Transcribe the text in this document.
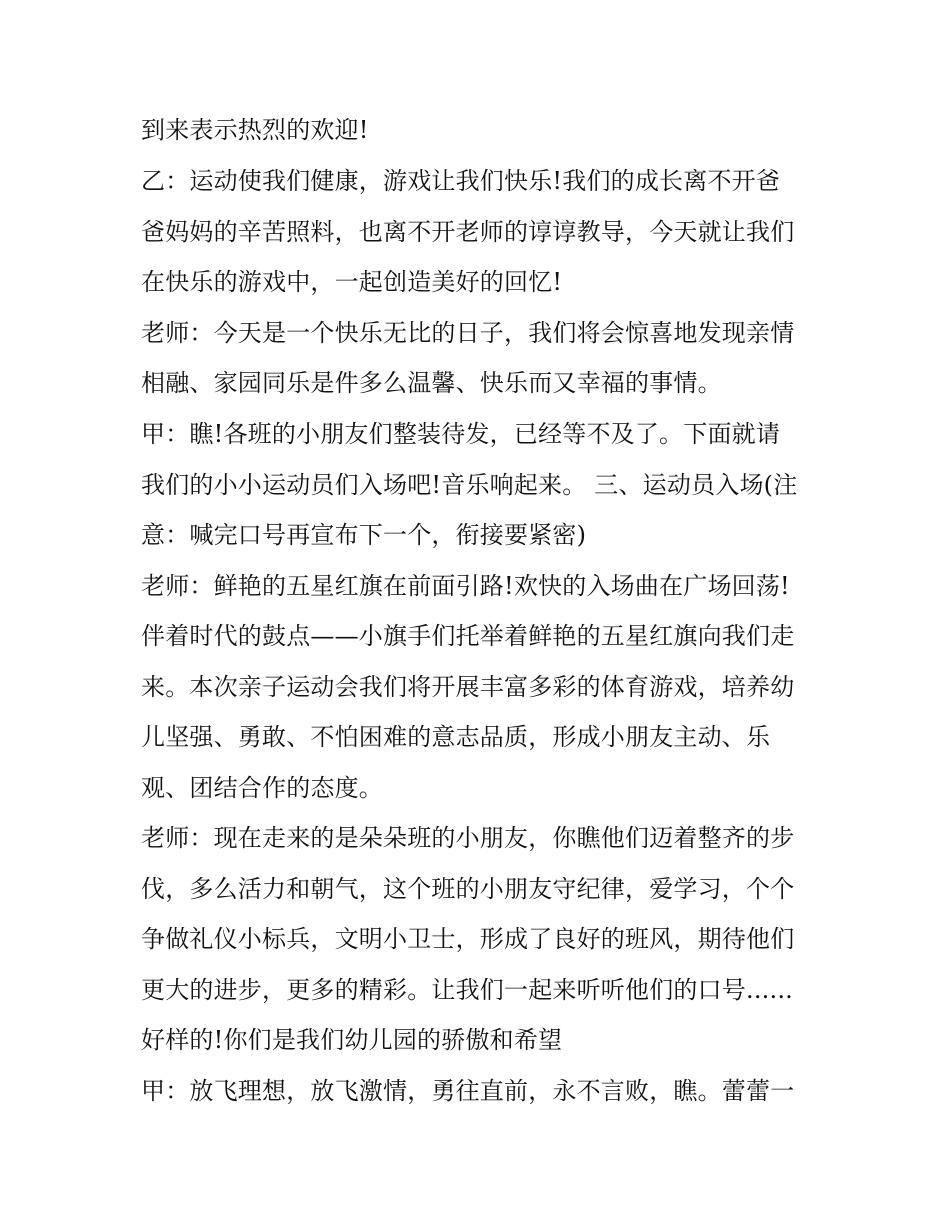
到来表示热烈的欢迎!
乙：运动使我们健康，游戏让我们快乐!我们的成长离不开爸
爸妈妈的辛苦照料，也离不开老师的谆谆教导，今天就让我们
在快乐的游戏中，一起创造美好的回忆!
老师：今天是一个快乐无比的日子，我们将会惊喜地发现亲情
相融、家园同乐是件多么温馨、快乐而又幸福的事情。
甲：瞧!各班的小朋友们整装待发，已经等不及了。下面就请
我们的小小运动员们入场吧!音乐响起来。 三、运动员入场(注
意：喊完口号再宣布下一个，衔接要紧密)
老师：鲜艳的五星红旗在前面引路!欢快的入场曲在广场回荡!
伴着时代的鼓点——小旗手们托举着鲜艳的五星红旗向我们走
来。本次亲子运动会我们将开展丰富多彩的体育游戏，培养幼
儿坚强、勇敢、不怕困难的意志品质，形成小朋友主动、乐
观、团结合作的态度。
老师：现在走来的是朵朵班的小朋友，你瞧他们迈着整齐的步
伐，多么活力和朝气，这个班的小朋友守纪律，爱学习，个个
争做礼仪小标兵，文明小卫士，形成了良好的班风，期待他们
更大的进步，更多的精彩。让我们一起来听听他们的口号......
好样的!你们是我们幼儿园的骄傲和希望
甲：放飞理想，放飞激情，勇往直前，永不言败，瞧。蕾蕾一
